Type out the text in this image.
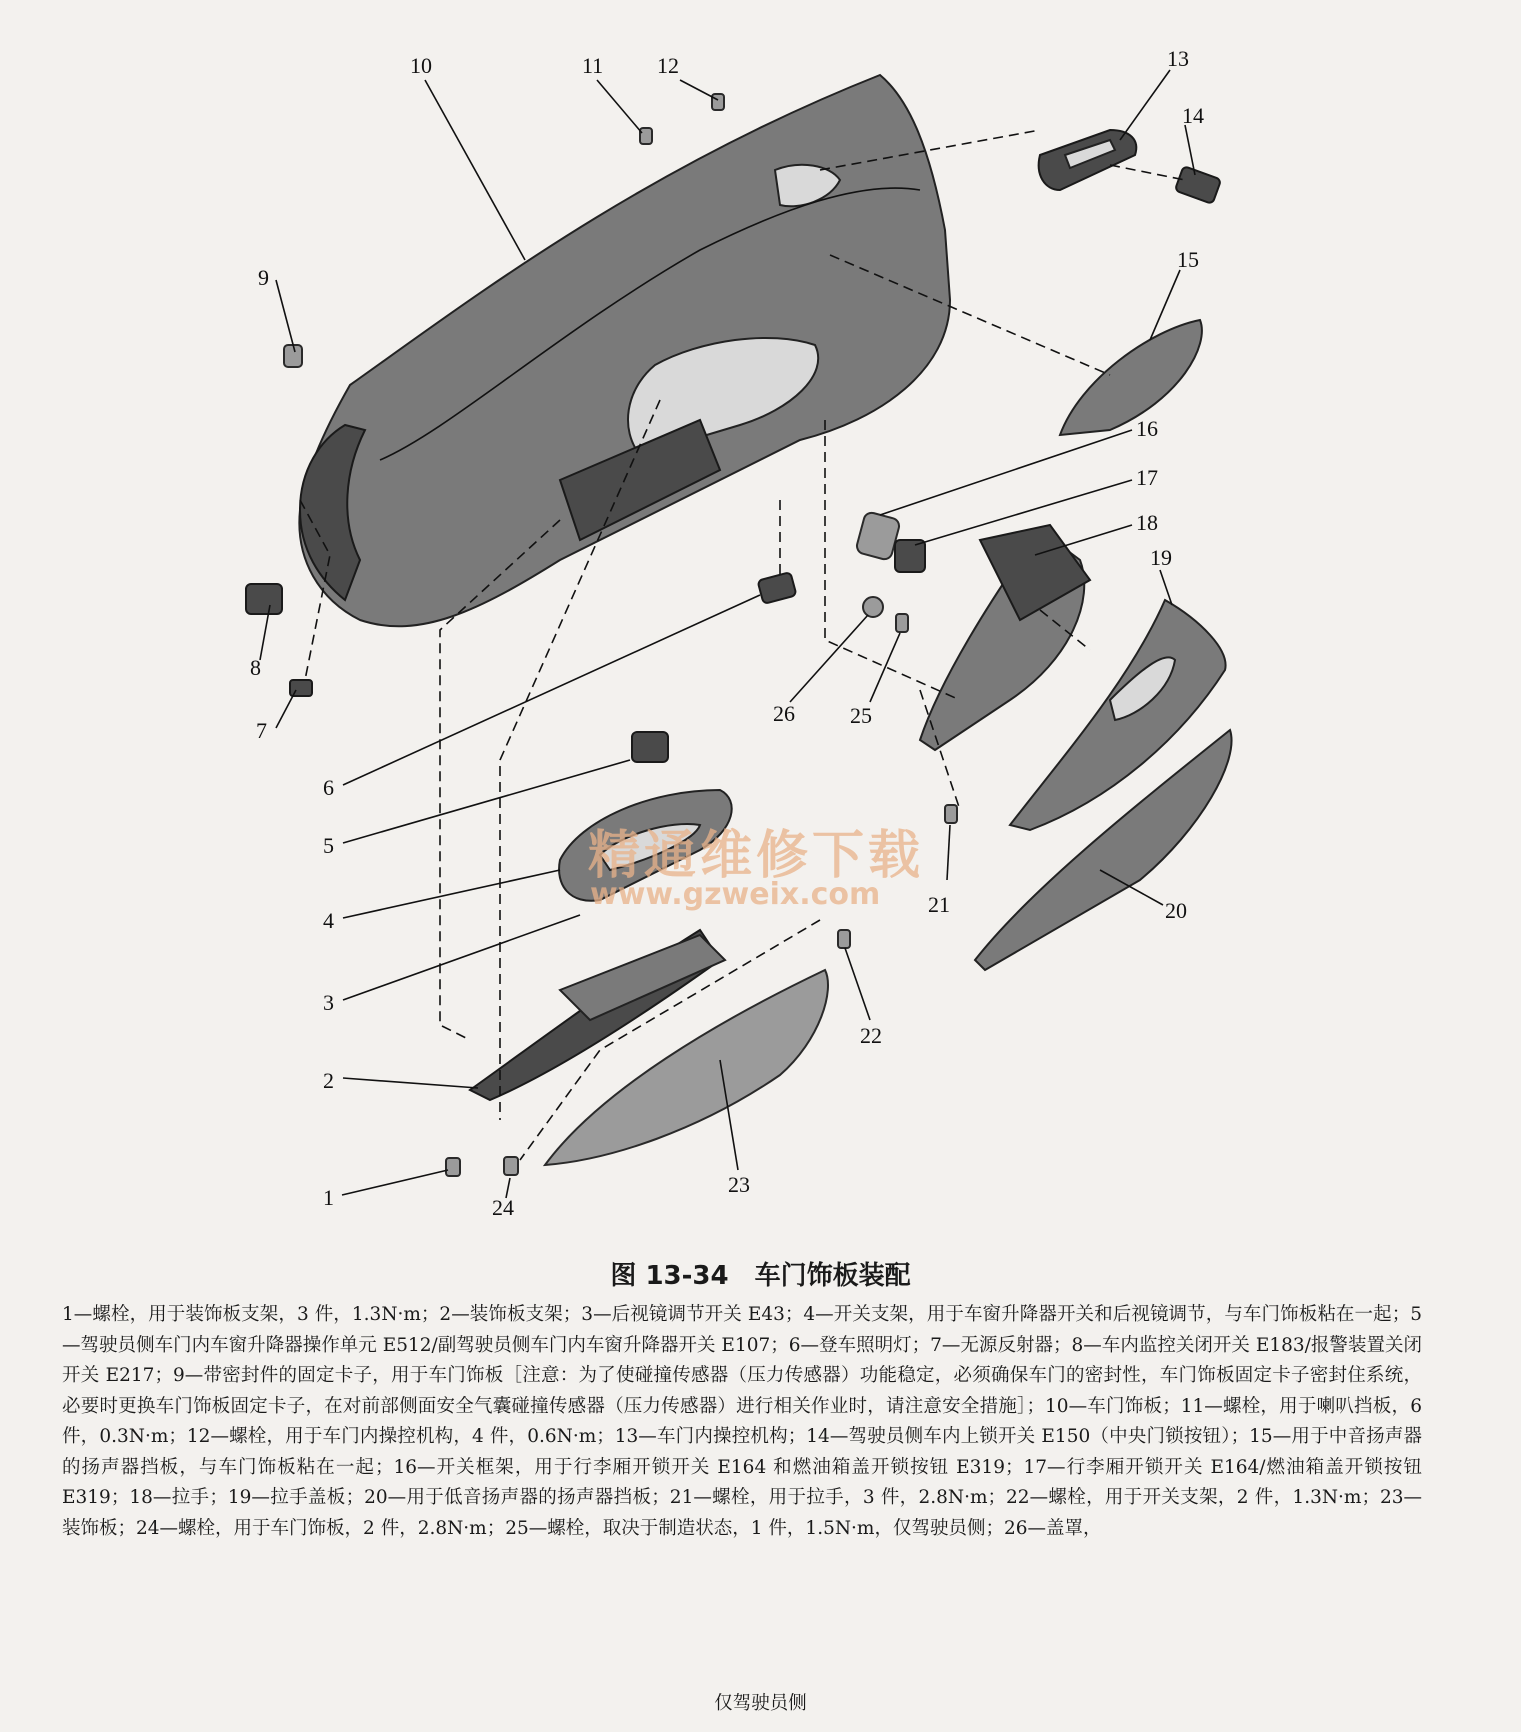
1
2
3
4
5
6
7
8
9
10	11 12	13
14
15
16
17
18
19
20
21
22
23
24
25
26
精通维修下载
www.gzweix.com
图 13-34　车门饰板装配
1—螺栓，用于装饰板支架，3 件，1.3N·m；2—装饰板支架；3—后视镜调节开关 E43；4—开关支架，用于车窗升降器开关和后视镜调节，与车门饰板粘在一起；5—驾驶员侧车门内车窗升降器操作单元 E512/副驾驶员侧车门内车窗升降器开关 E107；6—登车照明灯；7—无源反射器；8—车内监控关闭开关 E183/报警装置关闭开关 E217；9—带密封件的固定卡子，用于车门饰板［注意：为了使碰撞传感器（压力传感器）功能稳定，必须确保车门的密封性，车门饰板固定卡子密封住系统，必要时更换车门饰板固定卡子，在对前部侧面安全气囊碰撞传感器（压力传感器）进行相关作业时，请注意安全措施］；10—车门饰板；11—螺栓，用于喇叭挡板，6 件，0.3N·m；12—螺栓，用于车门内操控机构，4 件，0.6N·m；13—车门内操控机构；14—驾驶员侧车内上锁开关 E150（中央门锁按钮）；15—用于中音扬声器的扬声器挡板，与车门饰板粘在一起；16—开关框架，用于行李厢开锁开关 E164 和燃油箱盖开锁按钮 E319；17—行李厢开锁开关 E164/燃油箱盖开锁按钮 E319；18—拉手；19—拉手盖板；20—用于低音扬声器的扬声器挡板；21—螺栓，用于拉手，3 件，2.8N·m；22—螺栓，用于开关支架，2 件，1.3N·m；23—装饰板；24—螺栓，用于车门饰板，2 件，2.8N·m；25—螺栓，取决于制造状态，1 件，1.5N·m，仅驾驶员侧；26—盖罩，
仅驾驶员侧
